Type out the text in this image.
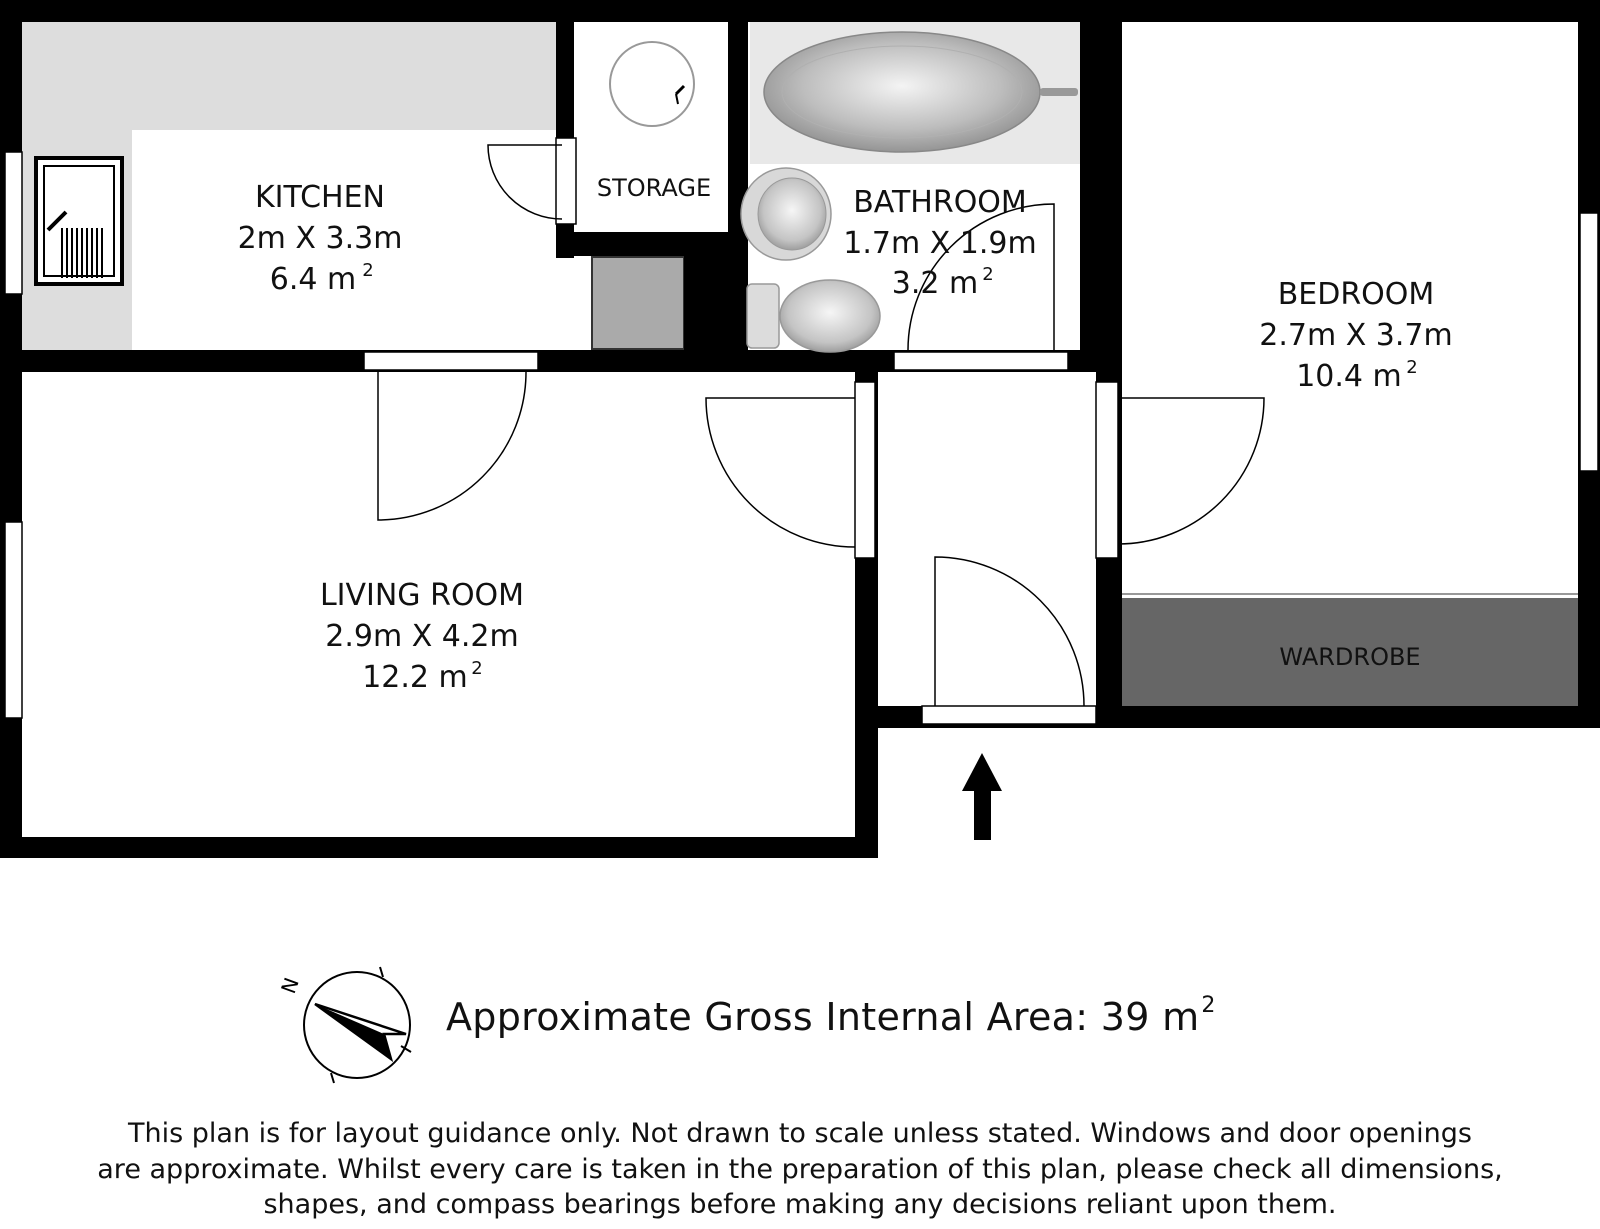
N
KITCHEN
2m X 3.3m
6.4 m 2
STORAGE	BATHROOM
1.7m X 1.9m
3.2 m 2
BEDROOM
2.7m X 3.7m
10.4 m 2
LIVING ROOM
2.9m X 4.2m
12.2 m 2	WARDROBE
Approximate Gross Internal Area: 39 $m^2$
This plan is for layout guidance only. Not drawn to scale unless stated. Windows and door openings
are approximate. Whilst every care is taken in the preparation of this plan, please check all dimensions,
shapes, and compass bearings before making any decisions reliant upon them.
